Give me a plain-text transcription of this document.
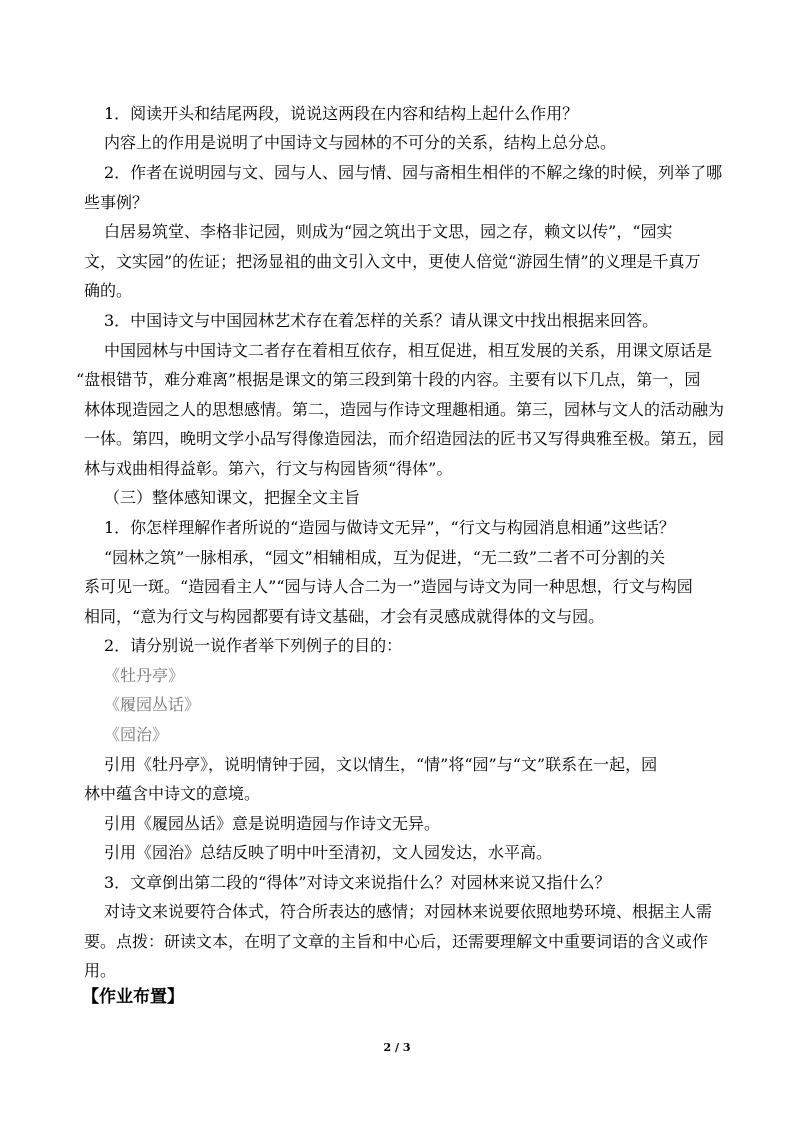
1．阅读开头和结尾两段，说说这两段在内容和结构上起什么作用？
内容上的作用是说明了中国诗文与园林的不可分的关系，结构上总分总。
2．作者在说明园与文、园与人、园与情、园与斋相生相伴的不解之缘的时候，列举了哪
些事例？
白居易筑堂、李格非记园，则成为“园之筑出于文思，园之存，赖文以传”，“园实
文，文实园”的佐证；把汤显祖的曲文引入文中，更使人倍觉“游园生情”的义理是千真万
确的。
3．中国诗文与中国园林艺术存在着怎样的关系？请从课文中找出根据来回答。
中国园林与中国诗文二者存在着相互依存，相互促进，相互发展的关系，用课文原话是
“盘根错节，难分难离”根据是课文的第三段到第十段的内容。主要有以下几点，第一，园
林体现造园之人的思想感情。第二，造园与作诗文理趣相通。第三，园林与文人的活动融为
一体。第四，晚明文学小品写得像造园法，而介绍造园法的匠书又写得典雅至极。第五，园
林与戏曲相得益彰。第六，行文与构园皆须“得体”。
（三）整体感知课文，把握全文主旨
1．你怎样理解作者所说的“造园与做诗文无异”，“行文与构园消息相通”这些话？
“园林之筑”一脉相承，“园文”相辅相成，互为促进，“无二致”二者不可分割的关
系可见一斑。“造园看主人”“园与诗人合二为一”造园与诗文为同一种思想，行文与构园
相同，“意为行文与构园都要有诗文基础，才会有灵感成就得体的文与园。
2．请分别说一说作者举下列例子的目的：
《牡丹亭》
《履园丛话》
《园治》
引用《牡丹亭》，说明情钟于园，文以情生，“情”将“园”与“文”联系在一起，园
林中蕴含中诗文的意境。
引用《履园丛话》意是说明造园与作诗文无异。
引用《园治》总结反映了明中叶至清初，文人园发达，水平高。
3．文章倒出第二段的“得体”对诗文来说指什么？对园林来说又指什么？
对诗文来说要符合体式，符合所表达的感情；对园林来说要依照地势环境、根据主人需
要。点拨：研读文本，在明了文章的主旨和中心后，还需要理解文中重要词语的含义或作
用。
【作业布置】
2 / 3
